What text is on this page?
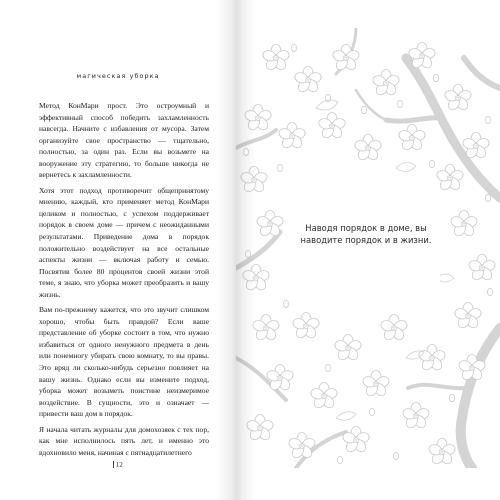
магическая уборка

Метод КонМари прост. Это остроумный и эффективный способ победить захламленность навсегда. Начните с избавления от мусора. Затем организуйте свое пространство — тщательно, полностью, за один раз. Если вы возьмете на вооружение эту стратегию, то больше никогда не вернетесь к захламленности.

Хотя этот подход противоречит общепринятому мнению, каждый, кто применяет метод КонМари целиком и полностью, с успехом поддерживает порядок в своем доме — причем с неожиданными результатами. Приведение дома в порядок положительно воздействует на все остальные аспекты жизни — включая работу и семью. Посвятив более 80 процентов своей жизни этой теме, я знаю, что уборка может преобразить и вашу жизнь.

Вам по-прежнему кажется, что это звучит слишком хорошо, чтобы быть правдой? Если ваше представление об уборке состоит в том, что нужно избавиться от одного ненужного предмета в день или понемногу убирать свою комнату, то вы правы. Это вряд ли сколько-нибудь серьезно повлияет на вашу жизнь. Однако если вы измените подход, уборка может возыметь поистине неизмеримое воздействие. В сущности, это и означает — привести ваш дом в порядок.

Я начала читать журналы для домохозяек с тех пор, как мне исполнилось пять лет, и именно это вдохновило меня, начиная с пятнадцатилетнего

12
Наводя порядок в доме, вы наводите порядок и в жизни.
